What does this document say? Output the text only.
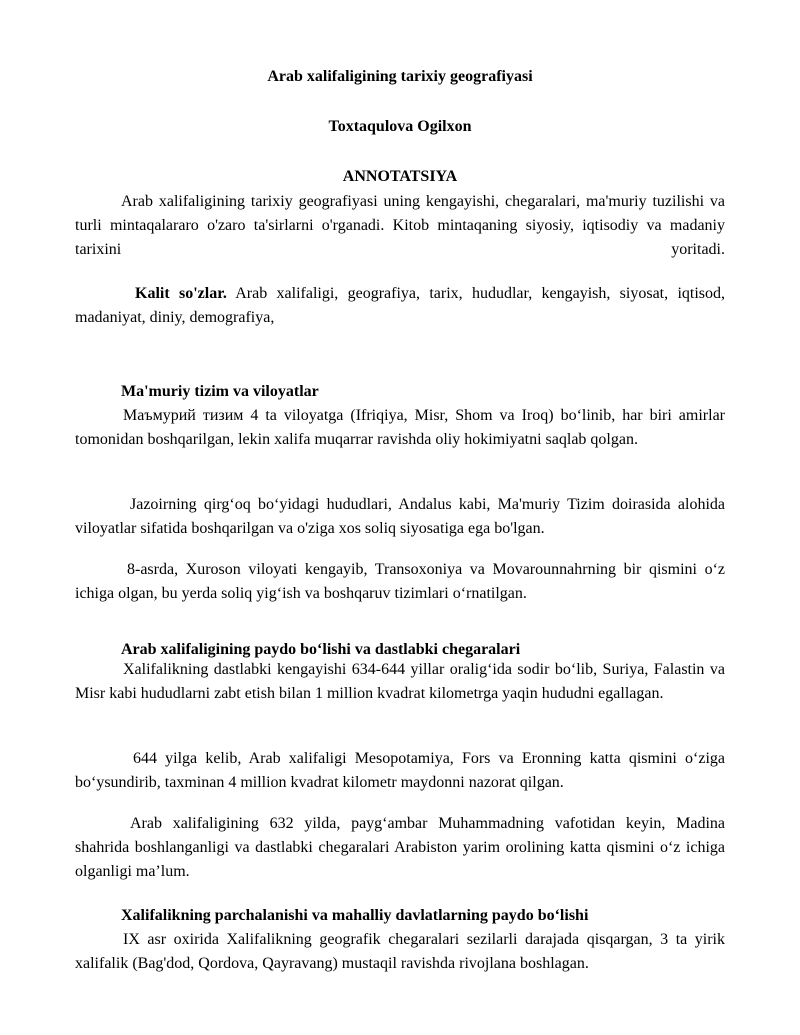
Arab xalifaligining tarixiy geografiyasi
Toxtaqulova Ogilxon
ANNOTATSIYA

Arab xalifaligining tarixiy geografiyasi uning kengayishi, chegaralari, ma'muriy tuzilishi va turli mintaqalararo o'zaro ta'sirlarni o'rganadi. Kitob mintaqaning siyosiy, iqtisodiy va madaniy tarixini yoritadi.

Kalit so'zlar. Arab xalifaligi, geografiya, tarix, hududlar, kengayish, siyosat, iqtisod, madaniyat, diniy, demografiya,

Ma'muriy tizim va viloyatlar

Маъмурий тизим 4 ta viloyatga (Ifriqiya, Misr, Shom va Iroq) bo‘linib, har biri amirlar tomonidan boshqarilgan, lekin xalifa muqarrar ravishda oliy hokimiyatni saqlab qolgan.

Jazoirning qirg‘oq bo‘yidagi hududlari, Andalus kabi, Ma'muriy Tizim doirasida alohida viloyatlar sifatida boshqarilgan va o'ziga xos soliq siyosatiga ega bo'lgan.

8-asrda, Xuroson viloyati kengayib, Transoxoniya va Movarounnahrning bir qismini o‘z ichiga olgan, bu yerda soliq yig‘ish va boshqaruv tizimlari o‘rnatilgan.

Arab xalifaligining paydo bo‘lishi va dastlabki chegaralari

Xalifalikning dastlabki kengayishi 634-644 yillar oralig‘ida sodir bo‘lib, Suriya, Falastin va Misr kabi hududlarni zabt etish bilan 1 million kvadrat kilometrga yaqin hududni egallagan.

644 yilga kelib, Arab xalifaligi Mesopotamiya, Fors va Eronning katta qismini o‘ziga bo‘ysundirib, taxminan 4 million kvadrat kilometr maydonni nazorat qilgan.

Arab xalifaligining 632 yilda, payg‘ambar Muhammadning vafotidan keyin, Madina shahrida boshlanganligi va dastlabki chegaralari Arabiston yarim orolining katta qismini o‘z ichiga olganligi ma’lum.

Xalifalikning parchalanishi va mahalliy davlatlarning paydo bo‘lishi

IX asr oxirida Xalifalikning geografik chegaralari sezilarli darajada qisqargan, 3 ta yirik xalifalik (Bag'dod, Qordova, Qayravang) mustaqil ravishda rivojlana boshlagan.
